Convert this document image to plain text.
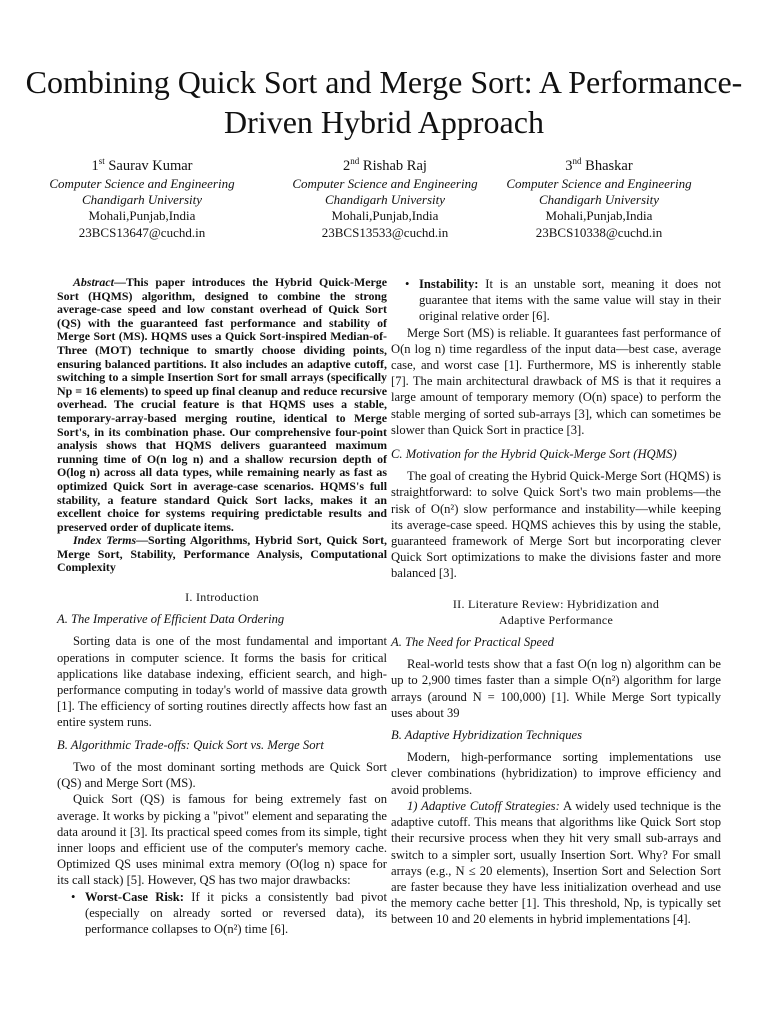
Combining Quick Sort and Merge Sort: A Performance-Driven Hybrid Approach
1st Saurav Kumar
Computer Science and Engineering
Chandigarh University
Mohali,Punjab,India
23BCS13647@cuchd.in
2nd Rishab Raj
Computer Science and Engineering
Chandigarh University
Mohali,Punjab,India
23BCS13533@cuchd.in
3nd Bhaskar
Computer Science and Engineering
Chandigarh University
Mohali,Punjab,India
23BCS10338@cuchd.in

Abstract—This paper introduces the Hybrid Quick-Merge Sort (HQMS) algorithm, designed to combine the strong average-case speed and low constant overhead of Quick Sort (QS) with the guaranteed fast performance and stability of Merge Sort (MS). HQMS uses a Quick Sort-inspired Median-of-Three (MOT) technique to smartly choose dividing points, ensuring balanced partitions. It also includes an adaptive cutoff, switching to a simple Insertion Sort for small arrays (specifically Np = 16 elements) to speed up final cleanup and reduce recursive overhead. The crucial feature is that HQMS uses a stable, temporary-array-based merging routine, identical to Merge Sort's, in its combination phase. Our comprehensive four-point analysis shows that HQMS delivers guaranteed maximum running time of O(n log n) and a shallow recursion depth of O(log n) across all data types, while remaining nearly as fast as optimized Quick Sort in average-case scenarios. HQMS's full stability, a feature standard Quick Sort lacks, makes it an excellent choice for systems requiring predictable results and preserved order of duplicate items.

Index Terms—Sorting Algorithms, Hybrid Sort, Quick Sort, Merge Sort, Stability, Performance Analysis, Computational Complexity

I. Introduction
A. The Imperative of Efficient Data Ordering

Sorting data is one of the most fundamental and important operations in computer science. It forms the basis for critical applications like database indexing, efficient search, and high-performance computing in today's world of massive data growth [1]. The efficiency of sorting routines directly affects how fast an entire system runs.

B. Algorithmic Trade-offs: Quick Sort vs. Merge Sort

Two of the most dominant sorting methods are Quick Sort (QS) and Merge Sort (MS).

Quick Sort (QS) is famous for being extremely fast on average. It works by picking a "pivot" element and separating the data around it [3]. Its practical speed comes from its simple, tight inner loops and efficient use of the computer's memory cache. Optimized QS uses minimal extra memory (O(log n) space for its call stack) [5]. However, QS has two major drawbacks:

• Worst-Case Risk: If it picks a consistently bad pivot (especially on already sorted or reversed data), its performance collapses to O(n²) time [6].
• Instability: It is an unstable sort, meaning it does not guarantee that items with the same value will stay in their original relative order [6].

Merge Sort (MS) is reliable. It guarantees fast performance of O(n log n) time regardless of the input data—best case, average case, and worst case [1]. Furthermore, MS is inherently stable [7]. The main architectural drawback of MS is that it requires a large amount of temporary memory (O(n) space) to perform the stable merging of sorted sub-arrays [3], which can sometimes be slower than Quick Sort in practice [3].

C. Motivation for the Hybrid Quick-Merge Sort (HQMS)

The goal of creating the Hybrid Quick-Merge Sort (HQMS) is straightforward: to solve Quick Sort's two main problems—the risk of O(n²) slow performance and instability—while keeping its average-case speed. HQMS achieves this by using the stable, guaranteed framework of Merge Sort but incorporating clever Quick Sort optimizations to make the divisions faster and more balanced [3].

II. Literature Review: Hybridization and
Adaptive Performance
A. The Need for Practical Speed

Real-world tests show that a fast O(n log n) algorithm can be up to 2,900 times faster than a simple O(n²) algorithm for large arrays (around N = 100,000) [1]. While Merge Sort typically uses about 39

B. Adaptive Hybridization Techniques

Modern, high-performance sorting implementations use clever combinations (hybridization) to improve efficiency and avoid problems.

1) Adaptive Cutoff Strategies: A widely used technique is the adaptive cutoff. This means that algorithms like Quick Sort stop their recursive process when they hit very small sub-arrays and switch to a simpler sort, usually Insertion Sort. Why? For small arrays (e.g., N ≤ 20 elements), Insertion Sort and Selection Sort are faster because they have less initialization overhead and use the memory cache better [1]. This threshold, Np, is typically set between 10 and 20 elements in hybrid implementations [4].
